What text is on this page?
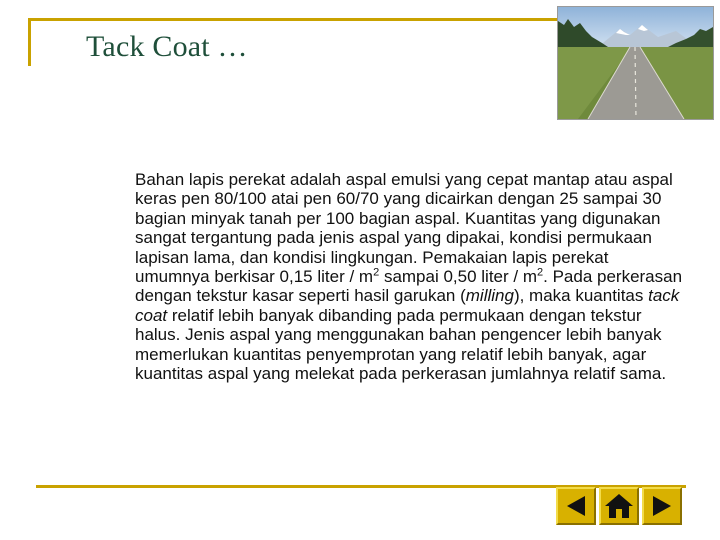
Tack Coat …

Bahan lapis perekat adalah aspal emulsi yang cepat mantap atau aspal keras pen 80/100 atai pen 60/70 yang dicairkan dengan 25 sampai 30 bagian minyak tanah per 100 bagian aspal. Kuantitas yang digunakan sangat tergantung pada jenis aspal yang dipakai, kondisi permukaan lapisan lama, dan kondisi lingkungan. Pemakaian lapis perekat umumnya berkisar 0,15 liter / $m^2$ sampai 0,50 liter / $m^2$. Pada perkerasan dengan tekstur kasar seperti hasil garukan (milling), maka kuantitas tack coat relatif lebih banyak dibanding pada permukaan dengan tekstur halus. Jenis aspal yang menggunakan bahan pengencer lebih banyak memerlukan kuantitas penyemprotan yang relatif lebih banyak, agar kuantitas aspal yang melekat pada perkerasan jumlahnya relatif sama.
